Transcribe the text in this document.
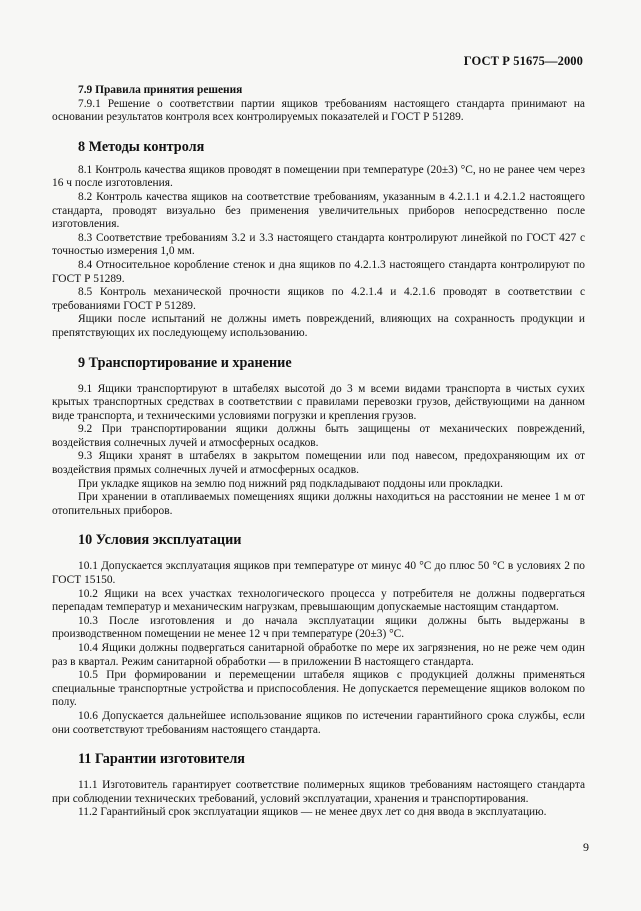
ГОСТ Р 51675—2000
7.9 Правила принятия решения

7.9.1 Решение о соответствии партии ящиков требованиям настоящего стандарта принимают на основании результатов контроля всех контролируемых показателей и ГОСТ Р 51289.

8 Методы контроля

8.1 Контроль качества ящиков проводят в помещении при температуре (20±3) °С, но не ранее чем через 16 ч после изготовления.

8.2 Контроль качества ящиков на соответствие требованиям, указанным в 4.2.1.1 и 4.2.1.2 настоящего стандарта, проводят визуально без применения увеличительных приборов непосредственно после изготовления.

8.3 Соответствие требованиям 3.2 и 3.3 настоящего стандарта контролируют линейкой по ГОСТ 427 с точностью измерения 1,0 мм.

8.4 Относительное коробление стенок и дна ящиков по 4.2.1.3 настоящего стандарта контролируют по ГОСТ Р 51289.

8.5 Контроль механической прочности ящиков по 4.2.1.4 и 4.2.1.6 проводят в соответствии с требованиями ГОСТ Р 51289.

Ящики после испытаний не должны иметь повреждений, влияющих на сохранность продукции и препятствующих их последующему использованию.

9 Транспортирование и хранение

9.1 Ящики транспортируют в штабелях высотой до 3 м всеми видами транспорта в чистых сухих крытых транспортных средствах в соответствии с правилами перевозки грузов, действующими на данном виде транспорта, и техническими условиями погрузки и крепления грузов.

9.2 При транспортировании ящики должны быть защищены от механических повреждений, воздействия солнечных лучей и атмосферных осадков.

9.3 Ящики хранят в штабелях в закрытом помещении или под навесом, предохраняющим их от воздействия прямых солнечных лучей и атмосферных осадков.

При укладке ящиков на землю под нижний ряд подкладывают поддоны или прокладки.

При хранении в отапливаемых помещениях ящики должны находиться на расстоянии не менее 1 м от отопительных приборов.

10 Условия эксплуатации

10.1 Допускается эксплуатация ящиков при температуре от минус 40 °С до плюс 50 °С в условиях 2 по ГОСТ 15150.

10.2 Ящики на всех участках технологического процесса у потребителя не должны подвергаться перепадам температур и механическим нагрузкам, превышающим допускаемые настоящим стандартом.

10.3 После изготовления и до начала эксплуатации ящики должны быть выдержаны в производственном помещении не менее 12 ч при температуре (20±3) °С.

10.4 Ящики должны подвергаться санитарной обработке по мере их загрязнения, но не реже чем один раз в квартал. Режим санитарной обработки — в приложении В настоящего стандарта.

10.5 При формировании и перемещении штабеля ящиков с продукцией должны применяться специальные транспортные устройства и приспособления. Не допускается перемещение ящиков волоком по полу.

10.6 Допускается дальнейшее использование ящиков по истечении гарантийного срока службы, если они соответствуют требованиям настоящего стандарта.

11 Гарантии изготовителя

11.1 Изготовитель гарантирует соответствие полимерных ящиков требованиям настоящего стандарта при соблюдении технических требований, условий эксплуатации, хранения и транспортирования.

11.2 Гарантийный срок эксплуатации ящиков — не менее двух лет со дня ввода в эксплуатацию.

9
